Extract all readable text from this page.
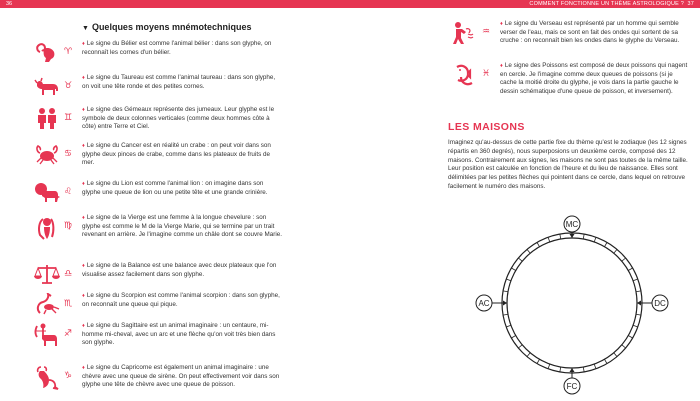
36	COMMENT FONCTIONNE UN THÈME ASTROLOGIQUE ? 37
▼ Quelques moyens mnémotechniques
♈

♦ Le signe du Bélier est comme l'animal bélier : dans son glyphe, on reconnaît les cornes d'un bélier.

♉

♦ Le signe du Taureau est comme l'animal taureau : dans son glyphe, on voit une tête ronde et des petites cornes.

♊

♦ Le signe des Gémeaux représente des jumeaux. Leur glyphe est le symbole de deux colonnes verticales (comme deux hommes côte à côte) entre Terre et Ciel.

♋

♦ Le signe du Cancer est en réalité un crabe : on peut voir dans son glyphe deux pinces de crabe, comme dans les plateaux de fruits de mer.

♌

♦ Le signe du Lion est comme l'animal lion : on imagine dans son glyphe une queue de lion ou une petite tête et une grande crinière.

♍

♦ Le signe de la Vierge est une femme à la longue chevelure : son glyphe est comme le M de la Vierge Marie, qui se termine par un trait revenant en arrière. Je l'imagine comme un châle dont se couvre Marie.

♎

♦ Le signe de la Balance est une balance avec deux plateaux que l'on visualise assez facilement dans son glyphe.

♏

♦ Le signe du Scorpion est comme l'animal scorpion : dans son glyphe, on reconnaît une queue qui pique.

♐

♦ Le signe du Sagittaire est un animal imaginaire : un centaure, mi-homme mi-cheval, avec un arc et une flèche qu'on voit très bien dans son glyphe.

♑

♦ Le signe du Capricorne est également un animal imaginaire : une chèvre avec une queue de sirène. On peut effectivement voir dans son glyphe une tête de chèvre avec une queue de poisson.

♒

♦ Le signe du Verseau est représenté par un homme qui semble verser de l'eau, mais ce sont en fait des ondes qui sortent de sa cruche : on reconnaît bien les ondes dans le glyphe du Verseau.

♓

♦ Le signe des Poissons est composé de deux poissons qui nagent en cercle. Je l'imagine comme deux queues de poissons (si je cache la moitié droite du glyphe, je vois dans la partie gauche le dessin schématique d'une queue de poisson, et inversement).

LES MAISONS

Imaginez qu'au-dessus de cette partie fixe du thème qu'est le zodiaque (les 12 signes répartis en 360 degrés), nous superposions un deuxième cercle, composé des 12 maisons. Contrairement aux signes, les maisons ne sont pas toutes de la même taille. Leur position est calculée en fonction de l'heure et du lieu de naissance. Elles sont délimitées par les petites flèches qui pointent dans ce cercle, dans lequel on retrouve facilement le numéro des maisons.

MC
AC	DC
FC
